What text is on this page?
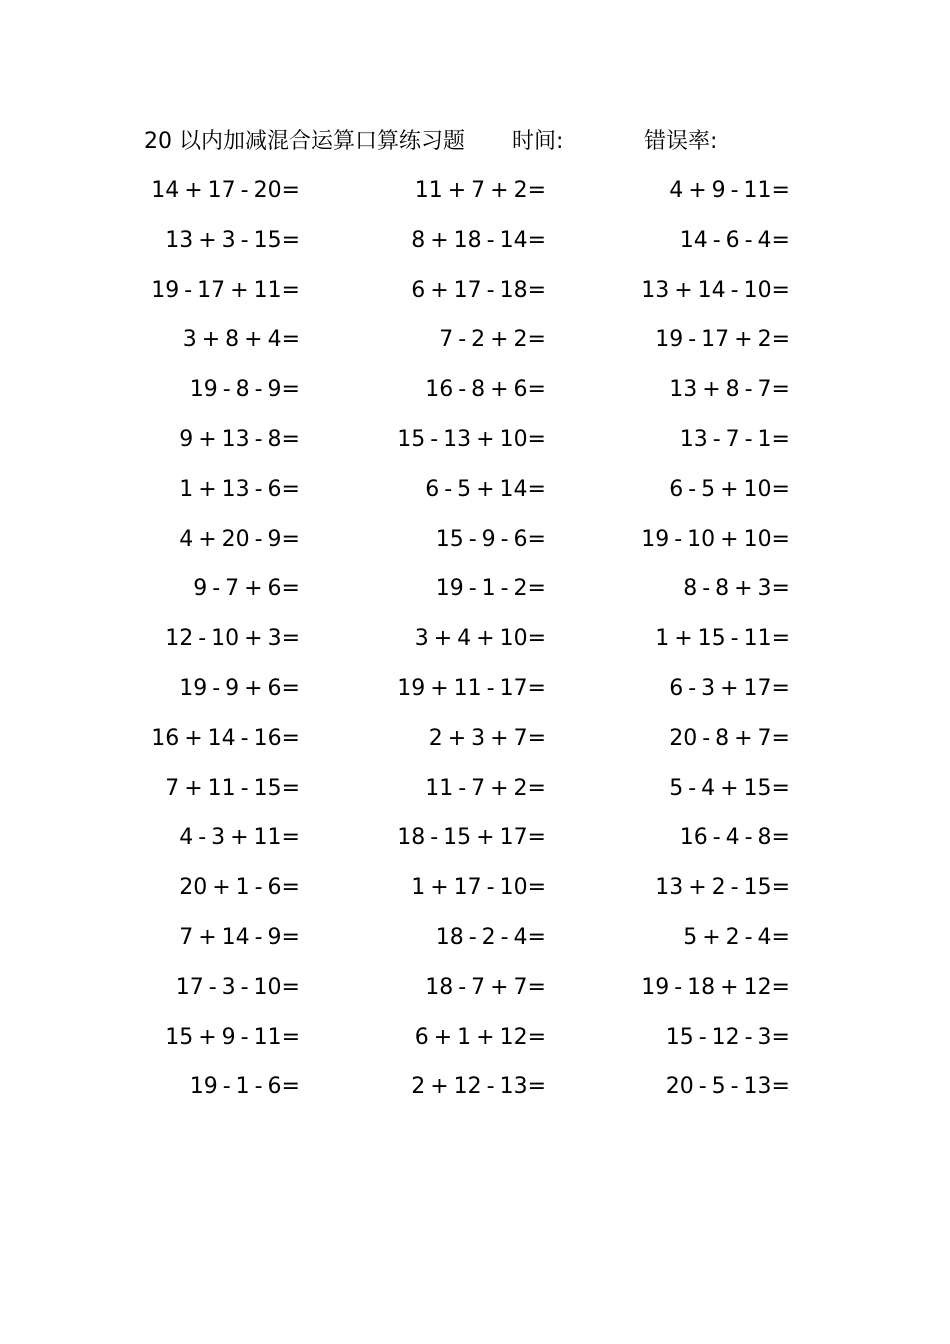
20 以内加减混合运算口算练习题 时间:	错误率:
14 + 17 - 20=
13 + 3 - 15=
19 - 17 + 11=
3 + 8 + 4=
19 - 8 - 9=
9 + 13 - 8=
1 + 13 - 6=
4 + 20 - 9=
9 - 7 + 6=
12 - 10 + 3=
19 - 9 + 6=
16 + 14 - 16=
7 + 11 - 15=
4 - 3 + 11=
20 + 1 - 6=
7 + 14 - 9=
17 - 3 - 10=
15 + 9 - 11=
19 - 1 - 6=
11 + 7 + 2=
8 + 18 - 14=
6 + 17 - 18=
7 - 2 + 2=
16 - 8 + 6=
15 - 13 + 10=
6 - 5 + 14=
15 - 9 - 6=
19 - 1 - 2=
3 + 4 + 10=
19 + 11 - 17=
2 + 3 + 7=
11 - 7 + 2=
18 - 15 + 17=
1 + 17 - 10=
18 - 2 - 4=
18 - 7 + 7=
6 + 1 + 12=
2 + 12 - 13=
4 + 9 - 11=
14 - 6 - 4=
13 + 14 - 10=
19 - 17 + 2=
13 + 8 - 7=
13 - 7 - 1=
6 - 5 + 10=
19 - 10 + 10=
8 - 8 + 3=
1 + 15 - 11=
6 - 3 + 17=
20 - 8 + 7=
5 - 4 + 15=
16 - 4 - 8=
13 + 2 - 15=
5 + 2 - 4=
19 - 18 + 12=
15 - 12 - 3=
20 - 5 - 13=
